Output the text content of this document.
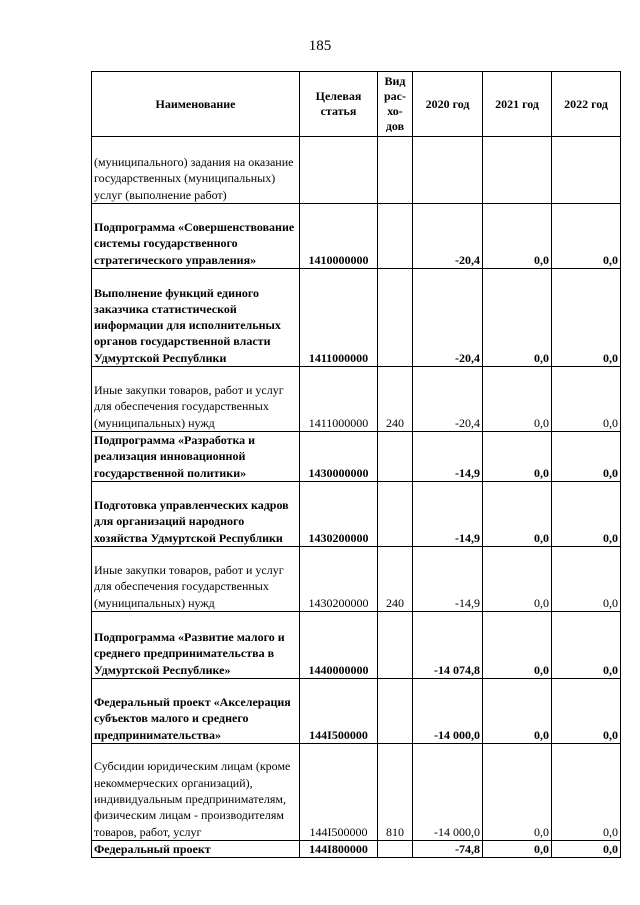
185
Наименование	Целевая статья	Вид рас- хо- дов	2020 год	2021 год	2022 год
(муниципального) задания на оказание государственных (муниципальных) услуг (выполнение работ)					
Подпрограмма «Совершенствование системы государственного стратегического управления»	1410000000		-20,4	0,0	0,0
Выполнение функций единого заказчика статистической информации для исполнительных органов государственной власти Удмуртской Республики	1411000000		-20,4	0,0	0,0
Иные закупки товаров, работ и услуг для обеспечения государственных (муниципальных) нужд	1411000000	240	-20,4	0,0	0,0
Подпрограмма «Разработка и реализация инновационной государственной политики»	1430000000		-14,9	0,0	0,0
Подготовка управленческих кадров для организаций народного хозяйства Удмуртской Республики	1430200000		-14,9	0,0	0,0
Иные закупки товаров, работ и услуг для обеспечения государственных (муниципальных) нужд	1430200000	240	-14,9	0,0	0,0
Подпрограмма «Развитие малого и среднего предпринимательства в Удмуртской Республике»	1440000000		-14 074,8	0,0	0,0
Федеральный проект «Акселерация субъектов малого и среднего предпринимательства»	144I500000		-14 000,0	0,0	0,0
Субсидии юридическим лицам (кроме некоммерческих организаций), индивидуальным предпринимателям, физическим лицам - производителям товаров, работ, услуг	144I500000	810	-14 000,0	0,0	0,0
Федеральный проект	144I800000		-74,8	0,0	0,0
